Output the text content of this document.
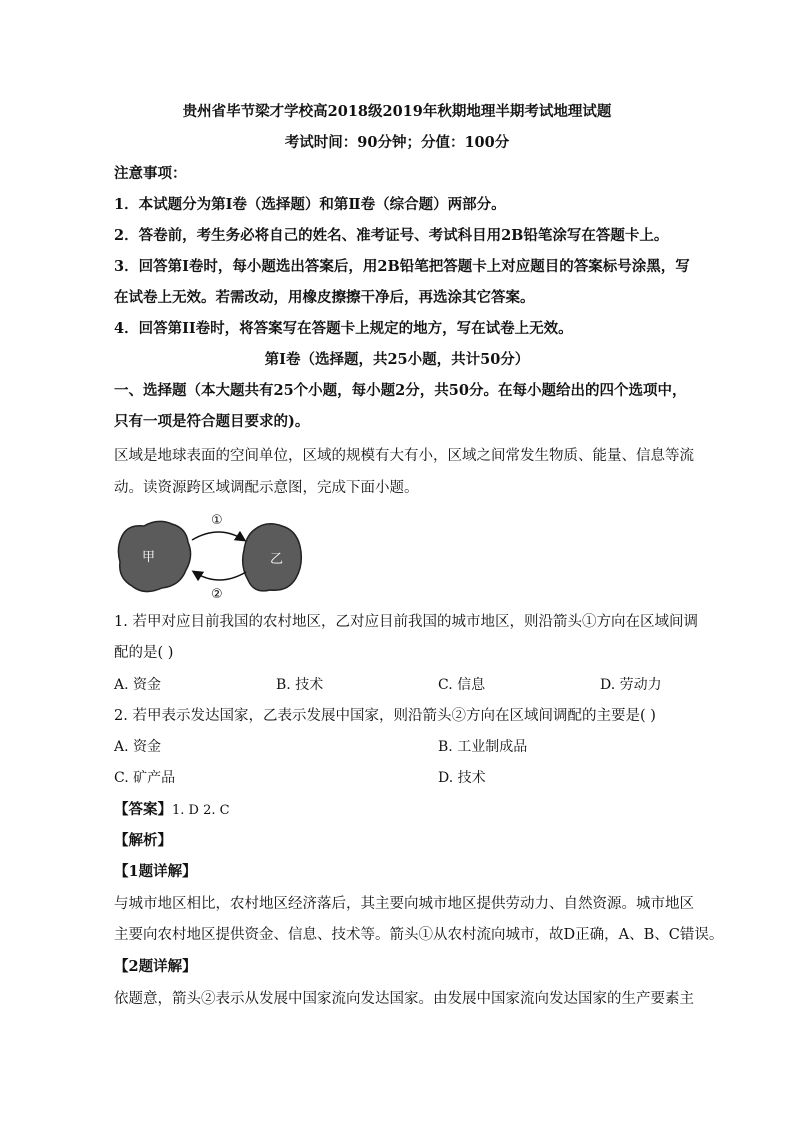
贵州省毕节梁才学校高2018级2019年秋期地理半期考试地理试题
考试时间：90分钟；分值：100分
注意事项：
1．本试题分为第Ⅰ卷（选择题）和第Ⅱ卷（综合题）两部分。
2．答卷前，考生务必将自己的姓名、准考证号、考试科目用2B铅笔涂写在答题卡上。
3．回答第Ⅰ卷时，每小题选出答案后，用2B铅笔把答题卡上对应题目的答案标号涂黑，写
在试卷上无效。若需改动，用橡皮擦擦干净后，再选涂其它答案。
4．回答第II卷时，将答案写在答题卡上规定的地方，写在试卷上无效。
第Ⅰ卷（选择题，共25小题，共计50分）
一、选择题（本大题共有25个小题，每小题2分，共50分。在每小题给出的四个选项中，
只有一项是符合题目要求的)。
区域是地球表面的空间单位，区域的规模有大有小，区域之间常发生物质、能量、信息等流
动。读资源跨区域调配示意图，完成下面小题。
甲	乙
①
②
1. 若甲对应目前我国的农村地区，乙对应目前我国的城市地区，则沿箭头①方向在区域间调
配的是( )
A. 资金	B. 技术	C. 信息	D. 劳动力
2. 若甲表示发达国家，乙表示发展中国家，则沿箭头②方向在区域间调配的主要是( )
A. 资金	B. 工业制成品
C. 矿产品	D. 技术
【答案】1. D 2. C
【解析】
【1题详解】
与城市地区相比，农村地区经济落后，其主要向城市地区提供劳动力、自然资源。城市地区
主要向农村地区提供资金、信息、技术等。箭头①从农村流向城市，故D正确，A、B、C错误。
【2题详解】
依题意，箭头②表示从发展中国家流向发达国家。由发展中国家流向发达国家的生产要素主
